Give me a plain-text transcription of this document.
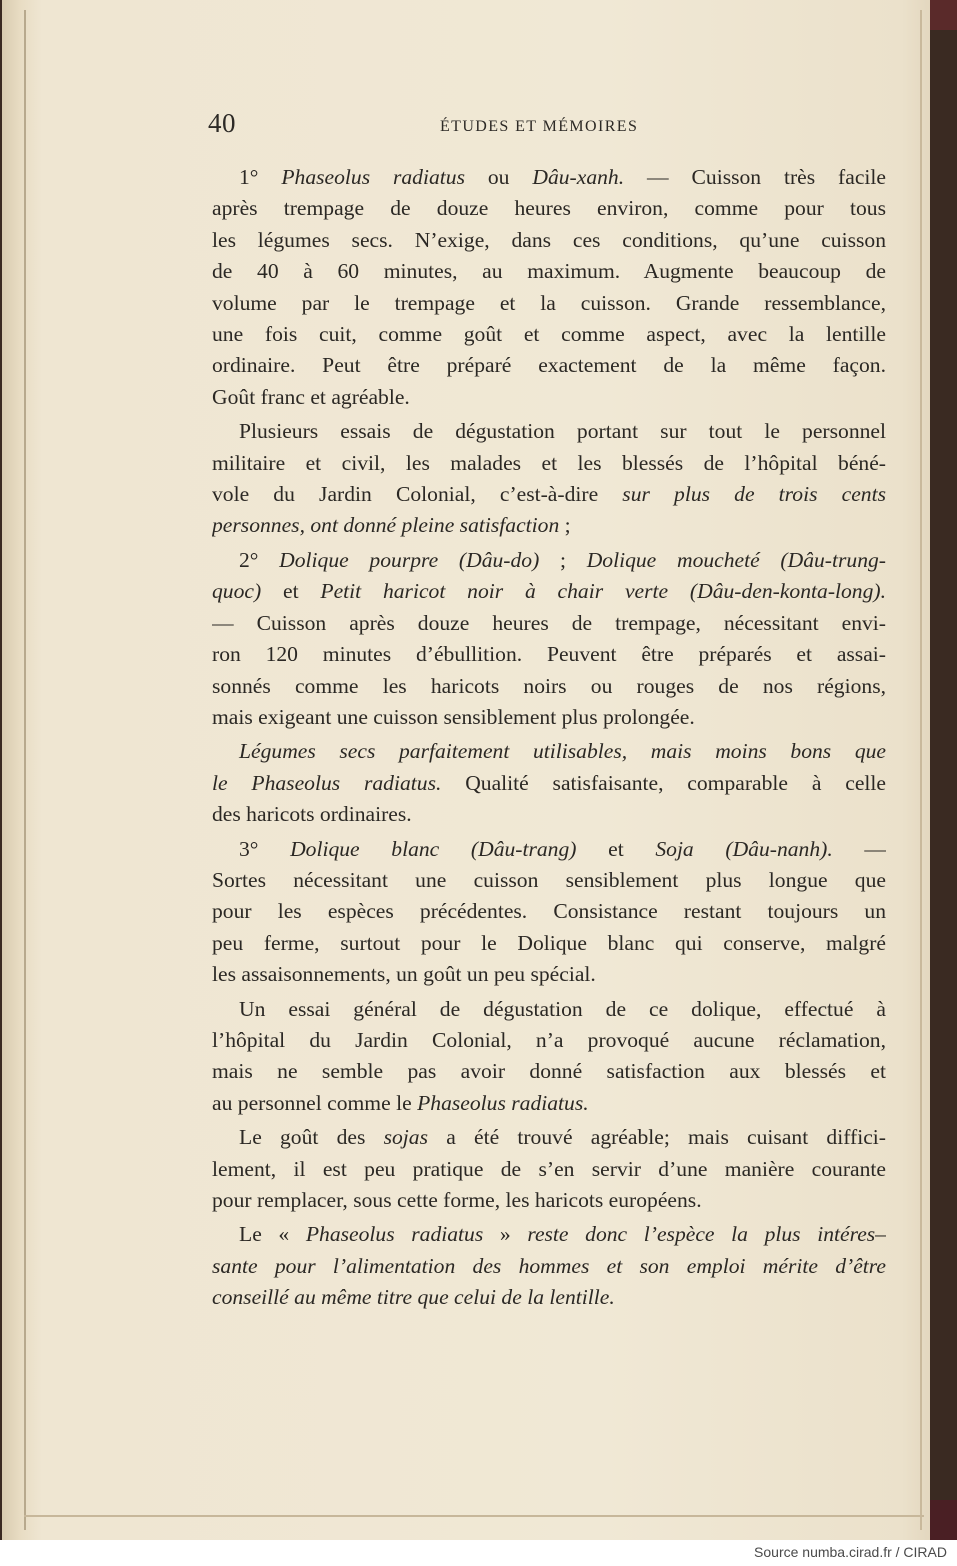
40	ÉTUDES ET MÉMOIRES
1° Phaseolus radiatus ou Dâu-xanh. — Cuisson très facile
après trempage de douze heures environ, comme pour tous
les légumes secs. N’exige, dans ces conditions, qu’une cuisson
de 40 à 60 minutes, au maximum. Augmente beaucoup de
volume par le trempage et la cuisson. Grande ressemblance,
une fois cuit, comme goût et comme aspect, avec la lentille
ordinaire. Peut être préparé exactement de la même façon.
Goût franc et agréable.
Plusieurs essais de dégustation portant sur tout le personnel
militaire et civil, les malades et les blessés de l’hôpital béné-
vole du Jardin Colonial, c’est-à-dire sur plus de trois cents
personnes, ont donné pleine satisfaction ;
2° Dolique pourpre (Dâu-do) ; Dolique moucheté (Dâu-trung-
quoc) et Petit haricot noir à chair verte (Dâu-den-konta-long).
— Cuisson après douze heures de trempage, nécessitant envi-
ron 120 minutes d’ébullition. Peuvent être préparés et assai-
sonnés comme les haricots noirs ou rouges de nos régions,
mais exigeant une cuisson sensiblement plus prolongée.
Légumes secs parfaitement utilisables, mais moins bons que
le Phaseolus radiatus. Qualité satisfaisante, comparable à celle
des haricots ordinaires.
3° Dolique blanc (Dâu-trang) et Soja (Dâu-nanh). —
Sortes nécessitant une cuisson sensiblement plus longue que
pour les espèces précédentes. Consistance restant toujours un
peu ferme, surtout pour le Dolique blanc qui conserve, malgré
les assaisonnements, un goût un peu spécial.
Un essai général de dégustation de ce dolique, effectué à
l’hôpital du Jardin Colonial, n’a provoqué aucune réclamation,
mais ne semble pas avoir donné satisfaction aux blessés et
au personnel comme le Phaseolus radiatus.
Le goût des sojas a été trouvé agréable; mais cuisant diffici-
lement, il est peu pratique de s’en servir d’une manière courante
pour remplacer, sous cette forme, les haricots européens.
Le « Phaseolus radiatus » reste donc l’espèce la plus intéres–
sante pour l’alimentation des hommes et son emploi mérite d’être
conseillé au même titre que celui de la lentille.
Source numba.cirad.fr / CIRAD
